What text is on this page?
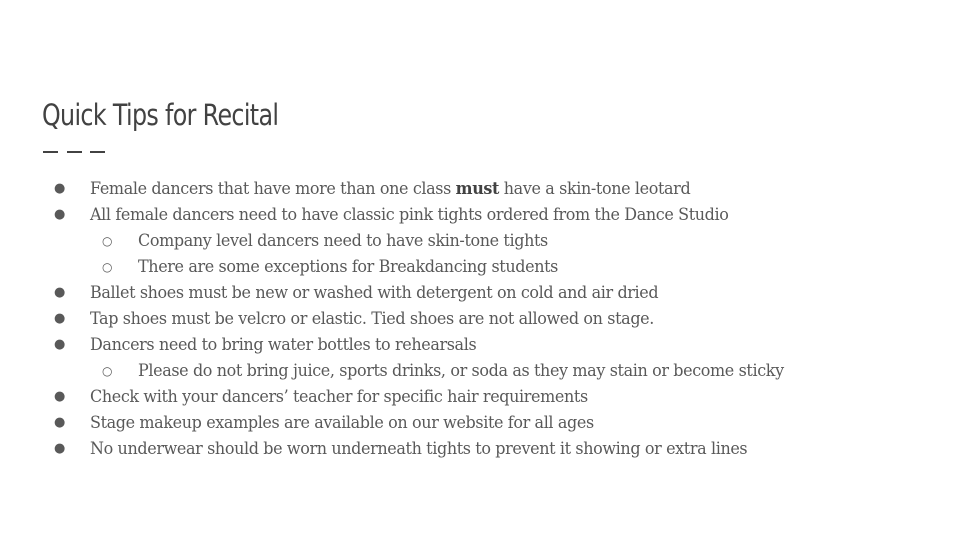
Quick Tips for Recital
● Female dancers that have more than one class must have a skin-tone leotard
● All female dancers need to have classic pink tights ordered from the Dance Studio
○ Company level dancers need to have skin-tone tights
○ There are some exceptions for Breakdancing students
● Ballet shoes must be new or washed with detergent on cold and air dried
● Tap shoes must be velcro or elastic. Tied shoes are not allowed on stage.
● Dancers need to bring water bottles to rehearsals
○ Please do not bring juice, sports drinks, or soda as they may stain or become sticky
● Check with your dancers’ teacher for specific hair requirements
● Stage makeup examples are available on our website for all ages
● No underwear should be worn underneath tights to prevent it showing or extra lines
